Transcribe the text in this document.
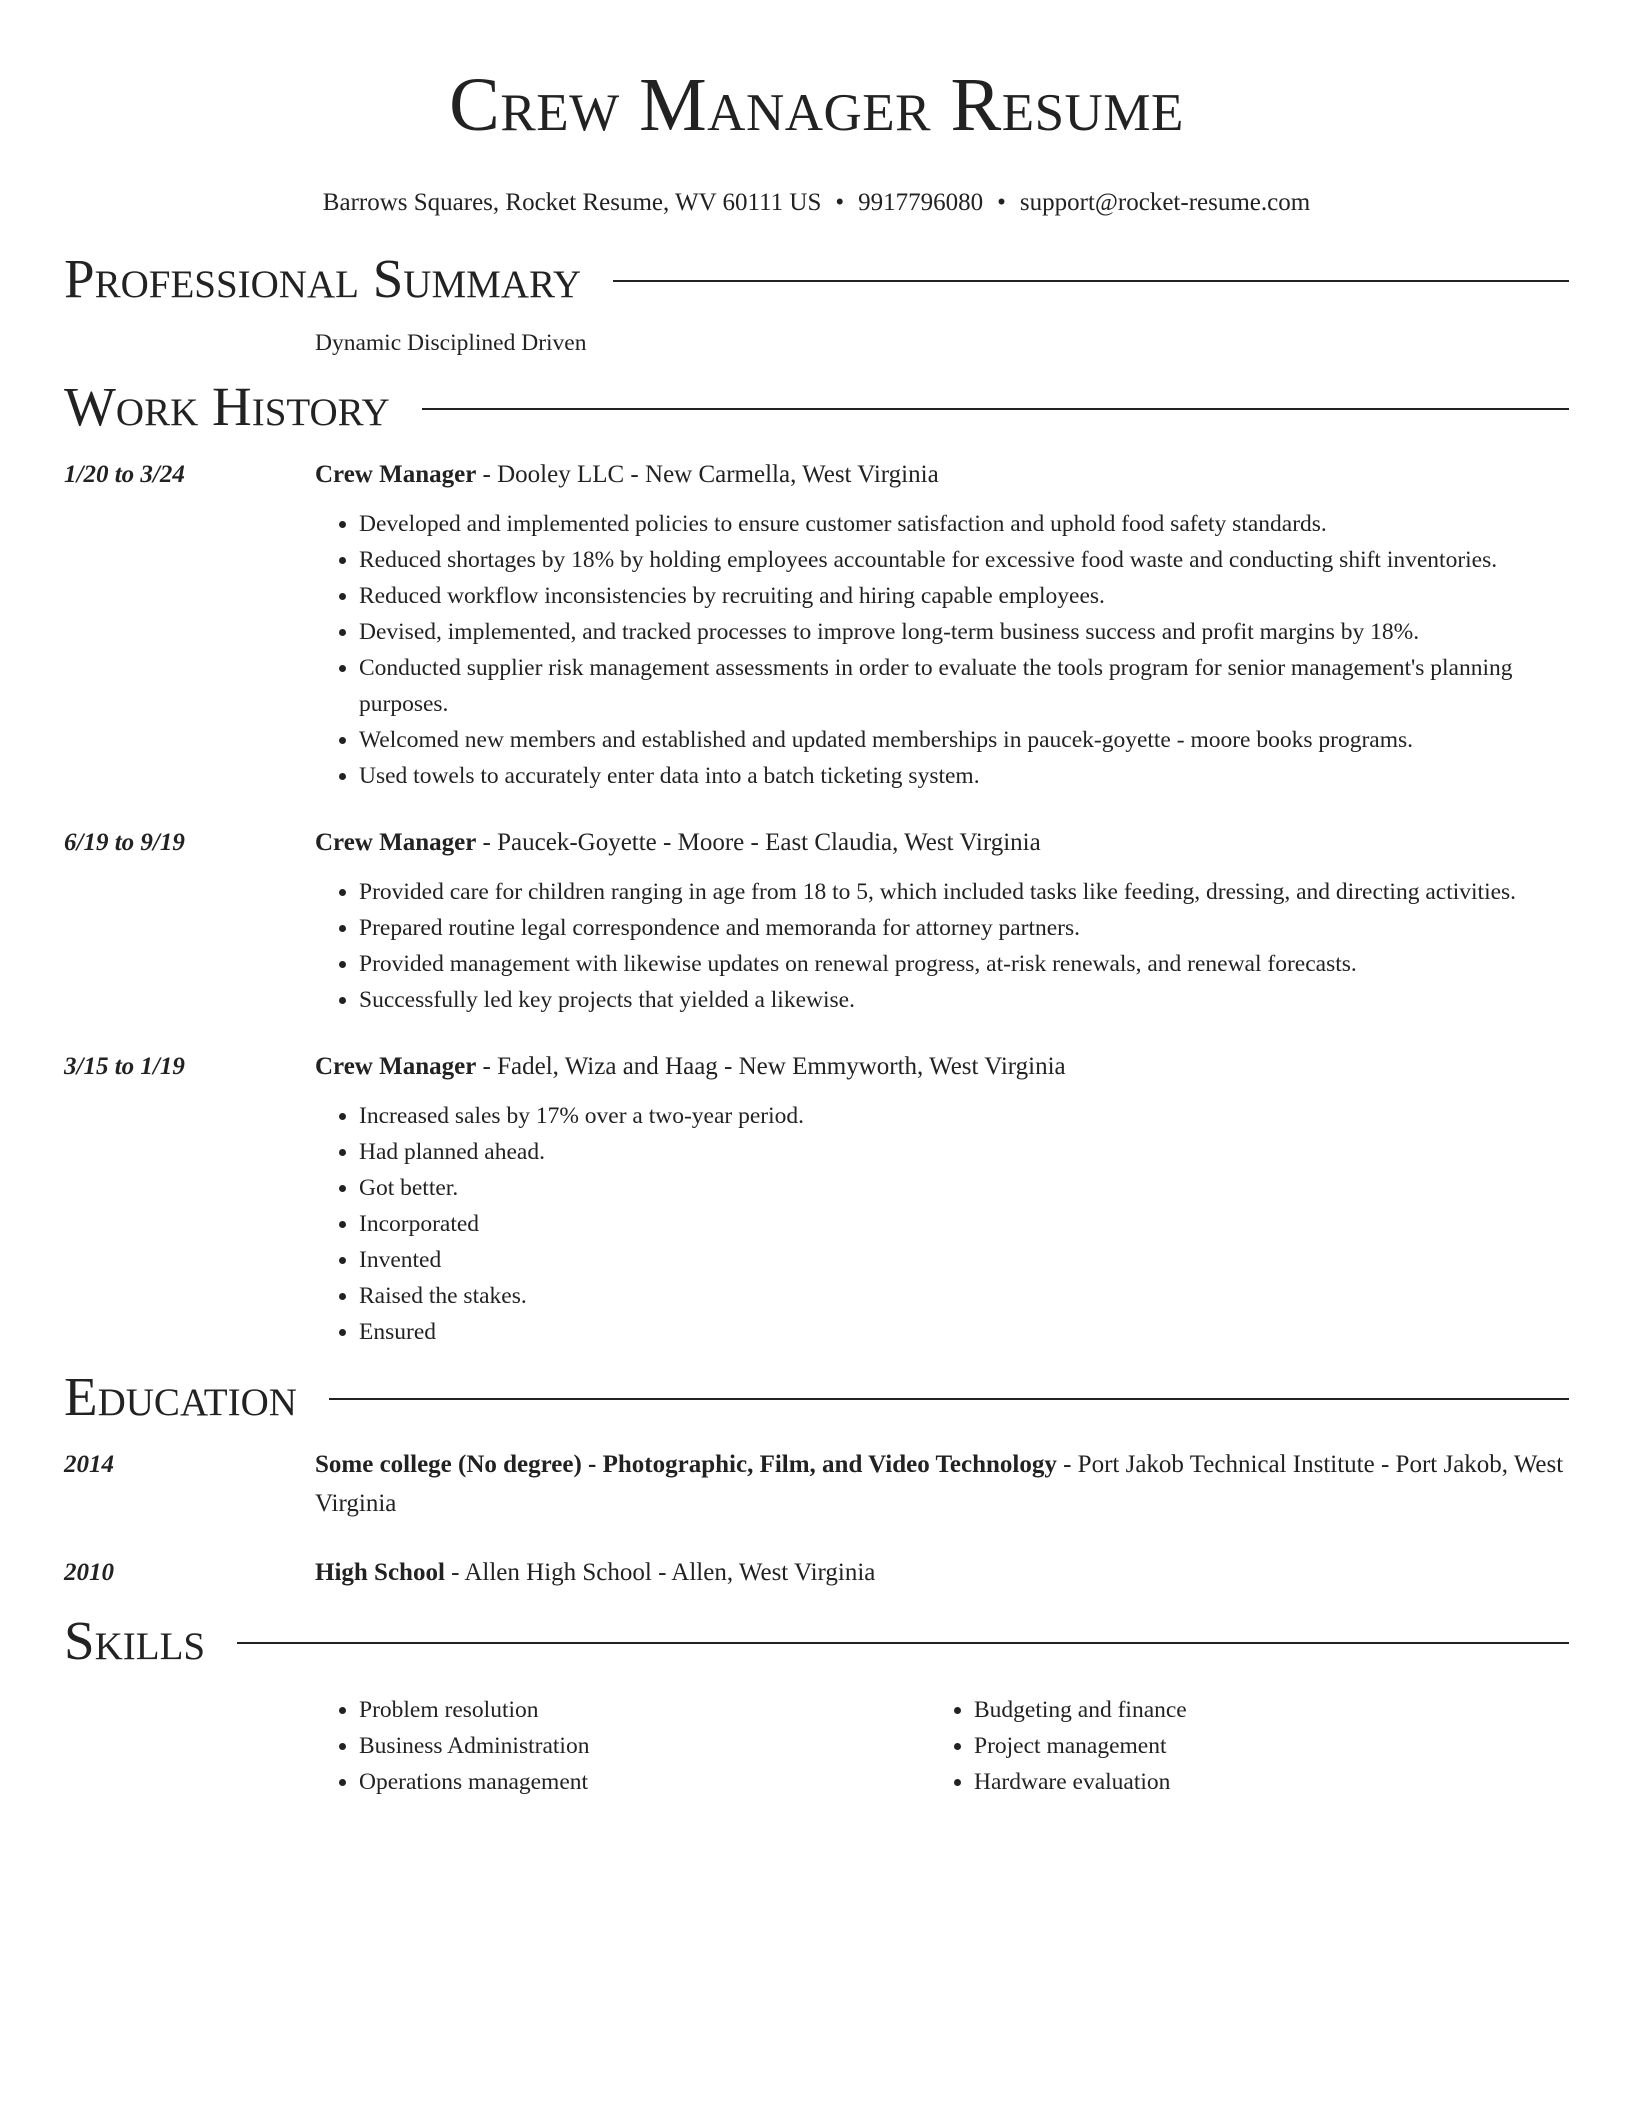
Crew Manager Resume
Barrows Squares, Rocket Resume, WV 60111 US • 9917796080 • support@rocket-resume.com
Professional Summary
Dynamic Disciplined Driven
Work History
1/20 to 3/24	Crew Manager - Dooley LLC - New Carmella, West Virginia
• Developed and implemented policies to ensure customer satisfaction and uphold food safety standards.
• Reduced shortages by 18% by holding employees accountable for excessive food waste and conducting shift inventories.
• Reduced workflow inconsistencies by recruiting and hiring capable employees.
• Devised, implemented, and tracked processes to improve long-term business success and profit margins by 18%.
• Conducted supplier risk management assessments in order to evaluate the tools program for senior management's planning purposes.
• Welcomed new members and established and updated memberships in paucek-goyette - moore books programs.
• Used towels to accurately enter data into a batch ticketing system.
6/19 to 9/19	Crew Manager - Paucek-Goyette - Moore - East Claudia, West Virginia
• Provided care for children ranging in age from 18 to 5, which included tasks like feeding, dressing, and directing activities.
• Prepared routine legal correspondence and memoranda for attorney partners.
• Provided management with likewise updates on renewal progress, at-risk renewals, and renewal forecasts.
• Successfully led key projects that yielded a likewise.
3/15 to 1/19	Crew Manager - Fadel, Wiza and Haag - New Emmyworth, West Virginia
• Increased sales by 17% over a two-year period.
• Had planned ahead.
• Got better.
• Incorporated
• Invented
• Raised the stakes.
• Ensured
Education
2014	Some college (No degree) - Photographic, Film, and Video Technology - Port Jakob Technical Institute - Port Jakob, West Virginia
2010	High School - Allen High School - Allen, West Virginia
Skills
• Problem resolution
• Business Administration
• Operations management
• Budgeting and finance
• Project management
• Hardware evaluation
